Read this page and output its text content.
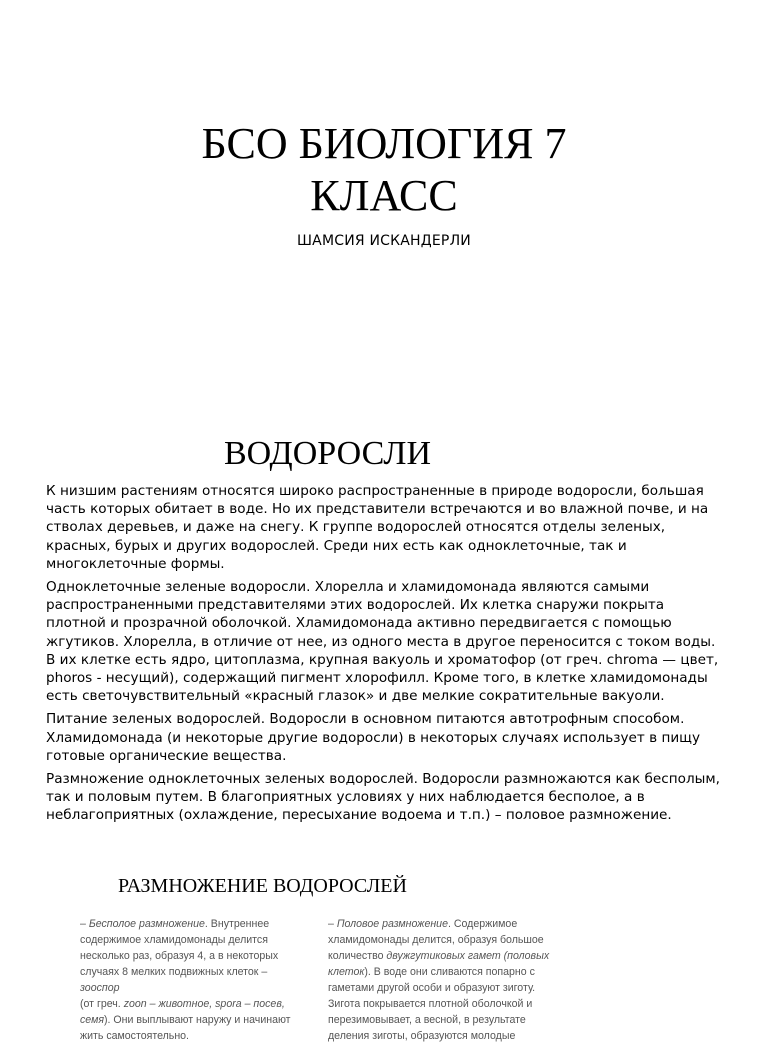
БСО БИОЛОГИЯ 7
КЛАСС
ШАМСИЯ ИСКАНДЕРЛИ
ВОДОРОСЛИ

К низшим растениям относятся широко распространенные в природе водоросли, большая часть которых обитает в воде. Но их представители встречаются и во влажной почве, и на стволах деревьев, и даже на снегу. К группе водорослей относятся отделы зеленых, красных, бурых и других водорослей. Среди них есть как одноклеточные, так и многоклеточные формы.

Одноклеточные зеленые водоросли. Хлорелла и хламидомонада являются самыми распространенными представителями этих водорослей. Их клетка снаружи покрыта плотной и прозрачной оболочкой. Хламидомонада активно передвигается с помощью жгутиков. Хлорелла, в отличие от нее, из одного места в другое переносится с током воды. В их клетке есть ядро, цитоплазма, крупная вакуоль и хроматофор (от греч. chroma — цвет, phoros - несущий), содержащий пигмент хлорофилл. Кроме того, в клетке хламидомонады есть светочувствительный «красный глазок» и две мелкие сократительные вакуоли.

Питание зеленых водорослей. Водоросли в основном питаются автотрофным способом. Хламидомонада (и некоторые другие водоросли) в некоторых случаях использует в пищу готовые органические вещества.

Размножение одноклеточных зеленых водорослей. Водоросли размножаются как бесполым, так и половым путем. В благоприятных условиях у них наблюдается бесполое, а в неблагоприятных (охлаждение, пересыхание водоема и т.п.) – половое размножение.

РАЗМНОЖЕНИЕ ВОДОРОСЛЕЙ
– Бесполое размножение. Внутреннее
содержимое хламидомонады делится
несколько раз, образуя 4, а в некоторых
случаях 8 мелких подвижных клеток – зооспор
(от греч. zoon – животное, spora – посев,
семя). Они выплывают наружу и начинают
жить самостоятельно.
– Половое размножение. Содержимое
хламидомонады делится, образуя большое
количество двужгутиковых гамет (половых
клеток). В воде они сливаются попарно с
гаметами другой особи и образуют зиготу.
Зигота покрывается плотной оболочкой и
перезимовывает, а весной, в результате
деления зиготы, образуются молодые
